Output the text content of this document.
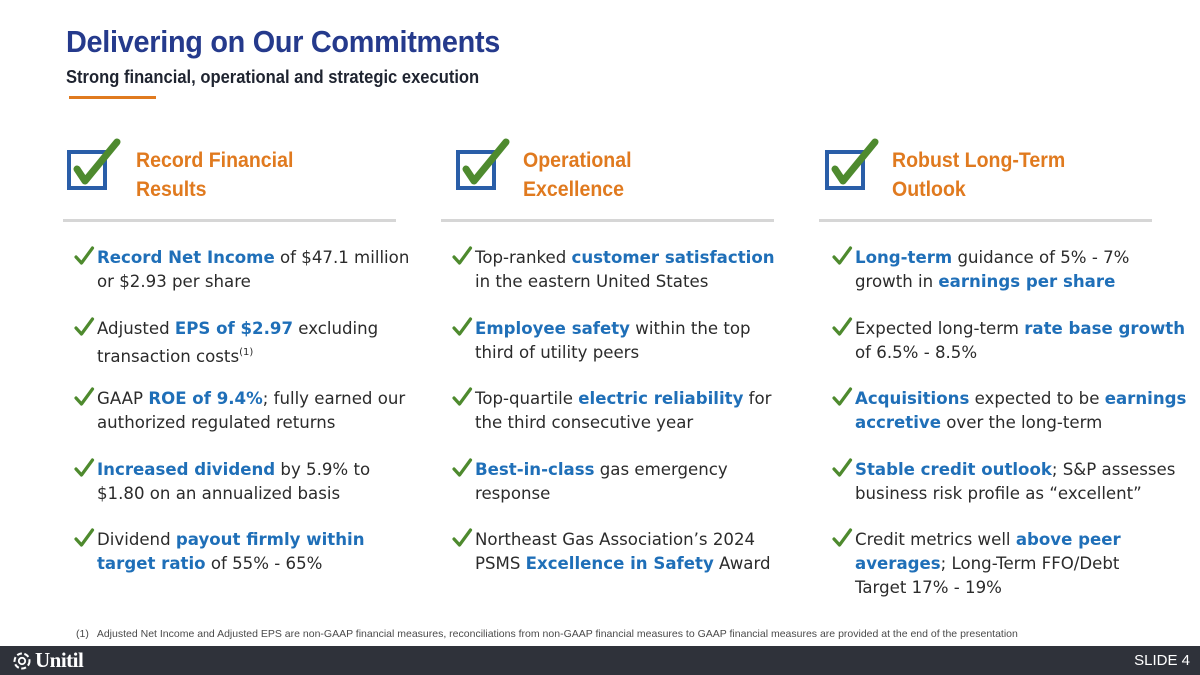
Delivering on Our Commitments
Strong financial, operational and strategic execution
Record Financial
Results
Record Net Income of $47.1 million
or $2.93 per share
Adjusted EPS of $2.97 excluding
transaction costs$^{(1)}$
GAAP ROE of 9.4%; fully earned our
authorized regulated returns
Increased dividend by 5.9% to
$1.80 on an annualized basis
Dividend payout firmly within
target ratio of 55% - 65%
Operational
Excellence
Top-ranked customer satisfaction
in the eastern United States
Employee safety within the top
third of utility peers
Top-quartile electric reliability for
the third consecutive year
Best-in-class gas emergency
response
Northeast Gas Association’s 2024
PSMS Excellence in Safety Award
Robust Long-Term
Outlook
Long-term guidance of 5% - 7%
growth in earnings per share
Expected long-term rate base growth
of 6.5% - 8.5%
Acquisitions expected to be earnings
accretive over the long-term
Stable credit outlook; S&P assesses
business risk profile as “excellent”
Credit metrics well above peer
averages; Long-Term FFO/Debt
Target 17% - 19%
(1) Adjusted Net Income and Adjusted EPS are non-GAAP financial measures, reconciliations from non-GAAP financial measures to GAAP financial measures are provided at the end of the presentation
Unitil	SLIDE 4
